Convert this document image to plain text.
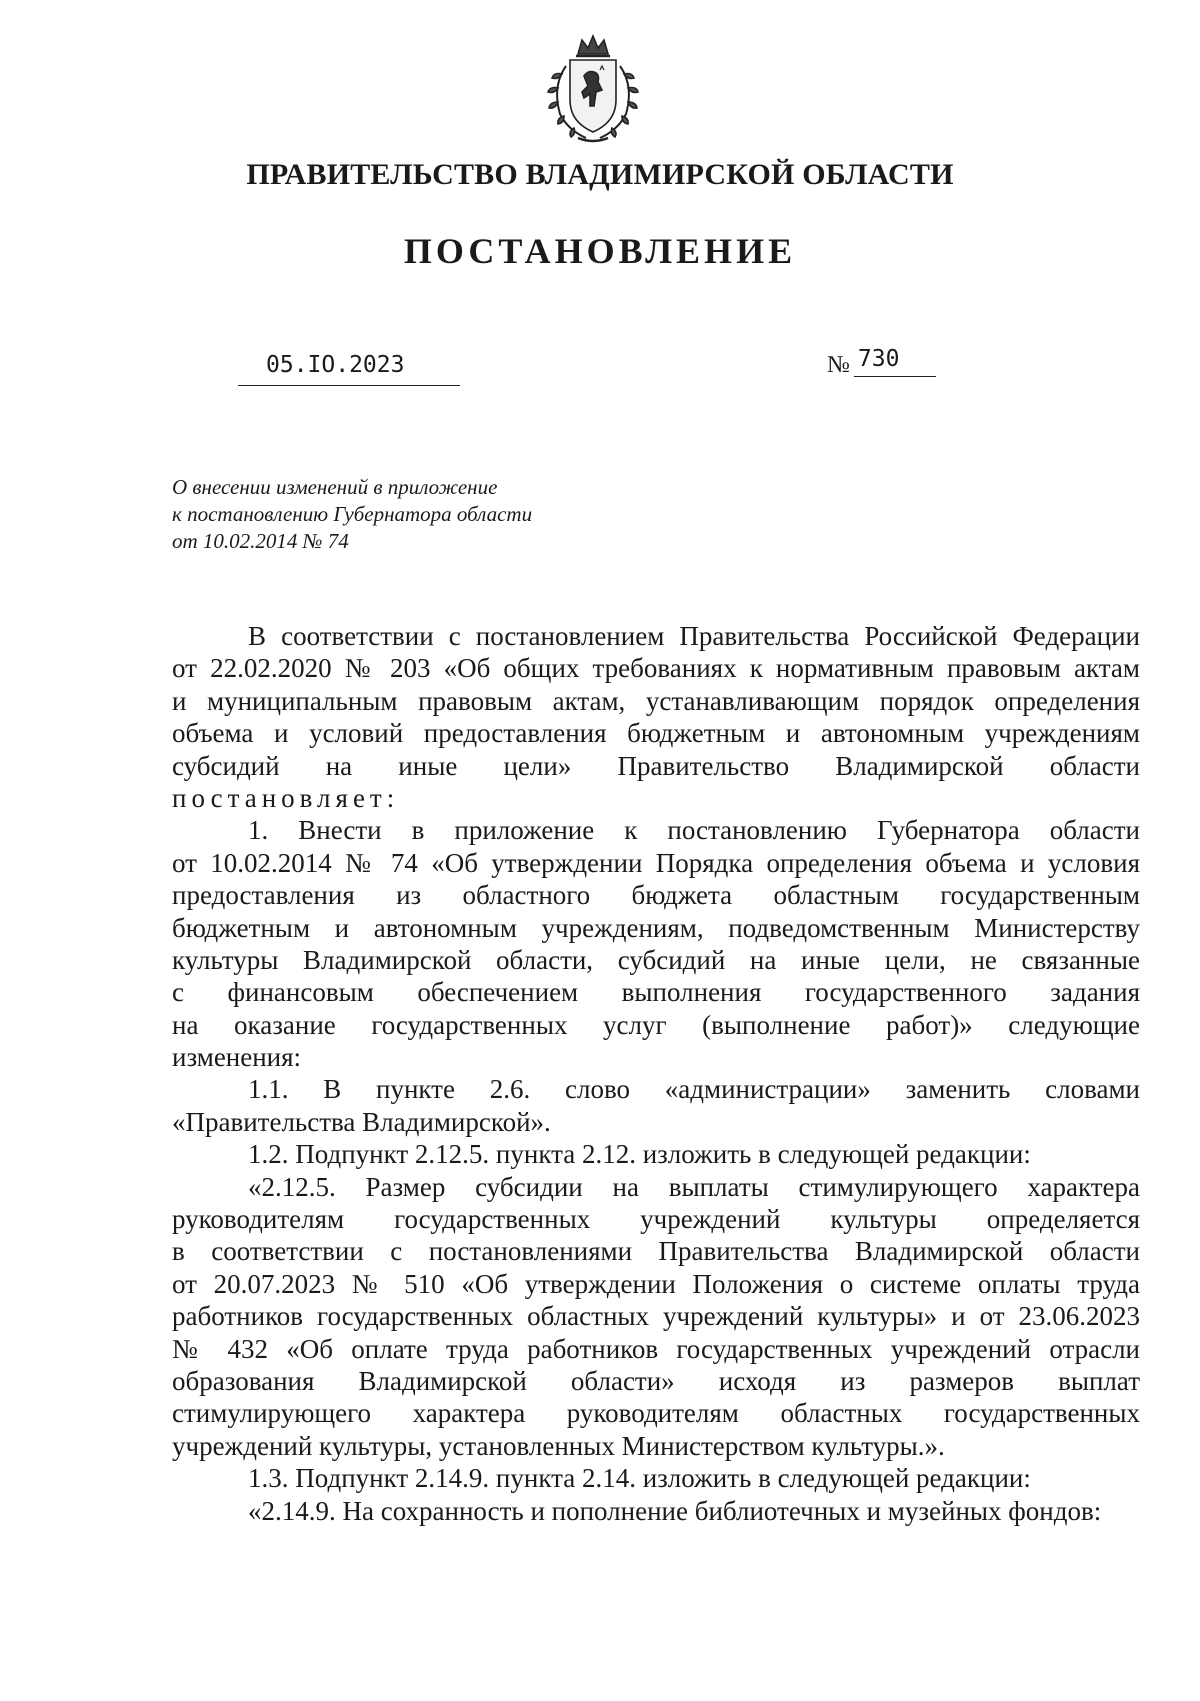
ПРАВИТЕЛЬСТВО ВЛАДИМИРСКОЙ ОБЛАСТИ
ПОСТАНОВЛЕНИЕ
05.IO.2023	№ 730
О внесении изменений в приложение
к постановлению Губернатора области
от 10.02.2014 № 74
В соответствии с постановлением Правительства Российской Федерации
от 22.02.2020 № 203 «Об общих требованиях к нормативным правовым актам
и муниципальным правовым актам, устанавливающим порядок определения
объема и условий предоставления бюджетным и автономным учреждениям
субсидий на иные цели» Правительство Владимирской области
постановляет:
1. Внести в приложение к постановлению Губернатора области
от 10.02.2014 № 74 «Об утверждении Порядка определения объема и условия
предоставления из областного бюджета областным государственным
бюджетным и автономным учреждениям, подведомственным Министерству
культуры Владимирской области, субсидий на иные цели, не связанные
с финансовым обеспечением выполнения государственного задания
на оказание государственных услуг (выполнение работ)» следующие
изменения:
1.1. В пункте 2.6. слово «администрации» заменить словами
«Правительства Владимирской».
1.2. Подпункт 2.12.5. пункта 2.12. изложить в следующей редакции:
«2.12.5. Размер субсидии на выплаты стимулирующего характера
руководителям государственных учреждений культуры определяется
в соответствии с постановлениями Правительства Владимирской области
от 20.07.2023 № 510 «Об утверждении Положения о системе оплаты труда
работников государственных областных учреждений культуры» и от 23.06.2023
№ 432 «Об оплате труда работников государственных учреждений отрасли
образования Владимирской области» исходя из размеров выплат
стимулирующего характера руководителям областных государственных
учреждений культуры, установленных Министерством культуры.».
1.3. Подпункт 2.14.9. пункта 2.14. изложить в следующей редакции:
«2.14.9. На сохранность и пополнение библиотечных и музейных фондов:
